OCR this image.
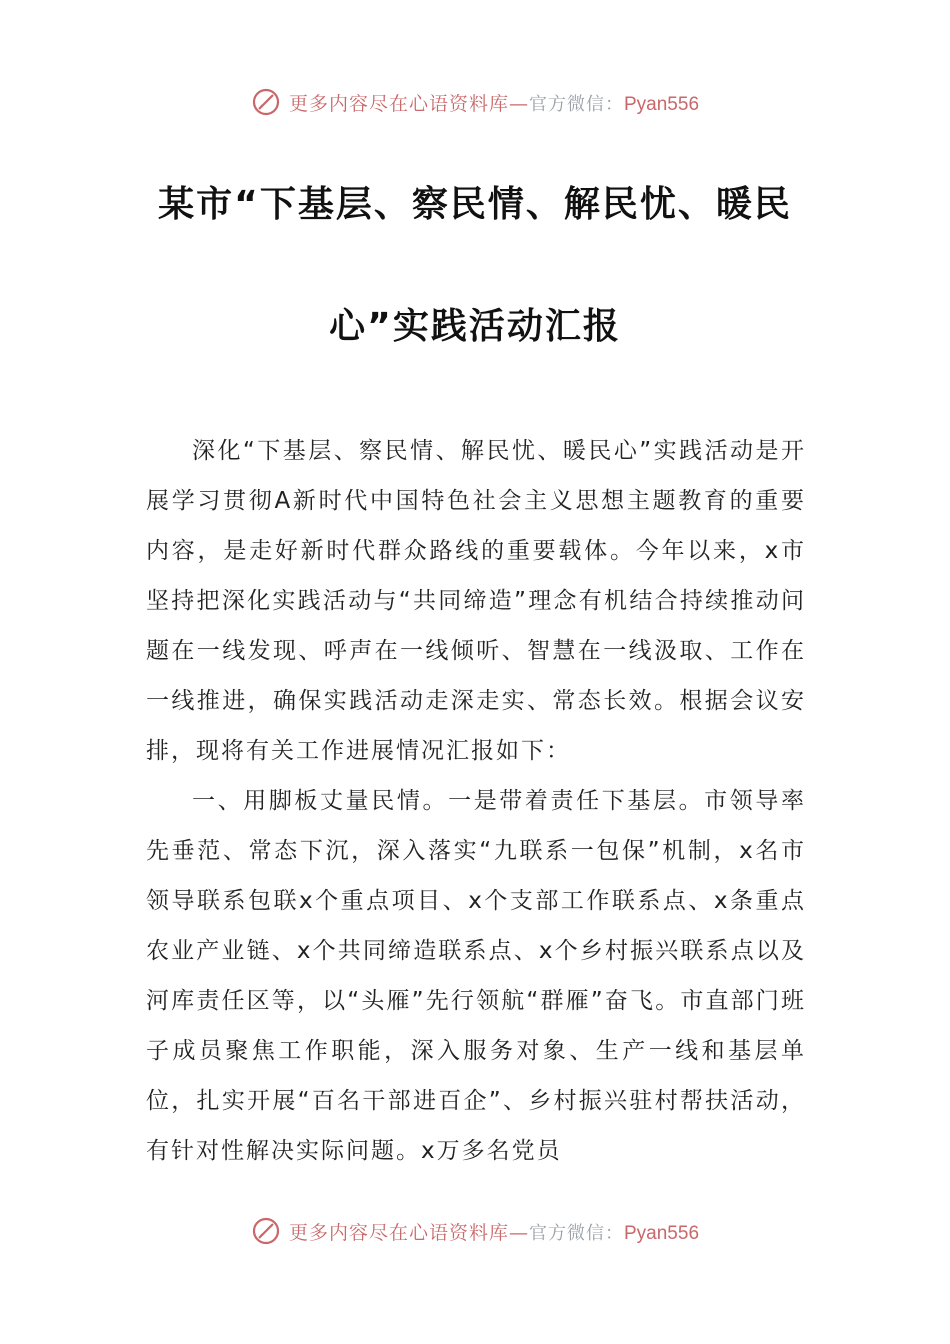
更多内容尽在心语资料库—官方微信：Pyan556
某市“下基层、察民情、解民忧、暖民
心”实践活动汇报

深化“下基层、察民情、解民忧、暖民心”实践活动是开展学习贯彻A新时代中国特色社会主义思想主题教育的重要内容，是走好新时代群众路线的重要载体。今年以来，x市坚持把深化实践活动与“共同缔造”理念有机结合持续推动问题在一线发现、呼声在一线倾听、智慧在一线汲取、工作在一线推进，确保实践活动走深走实、常态长效。根据会议安排，现将有关工作进展情况汇报如下：

一、用脚板丈量民情。一是带着责任下基层。市领导率先垂范、常态下沉，深入落实“九联系一包保”机制，x名市领导联系包联x个重点项目、x个支部工作联系点、x条重点农业产业链、x个共同缔造联系点、x个乡村振兴联系点以及河库责任区等，以“头雁”先行领航“群雁”奋飞。市直部门班子成员聚焦工作职能，深入服务对象、生产一线和基层单位，扎实开展“百名干部进百企”、乡村振兴驻村帮扶活动，有针对性解决实际问题。x万多名党员

更多内容尽在心语资料库—官方微信：Pyan556
